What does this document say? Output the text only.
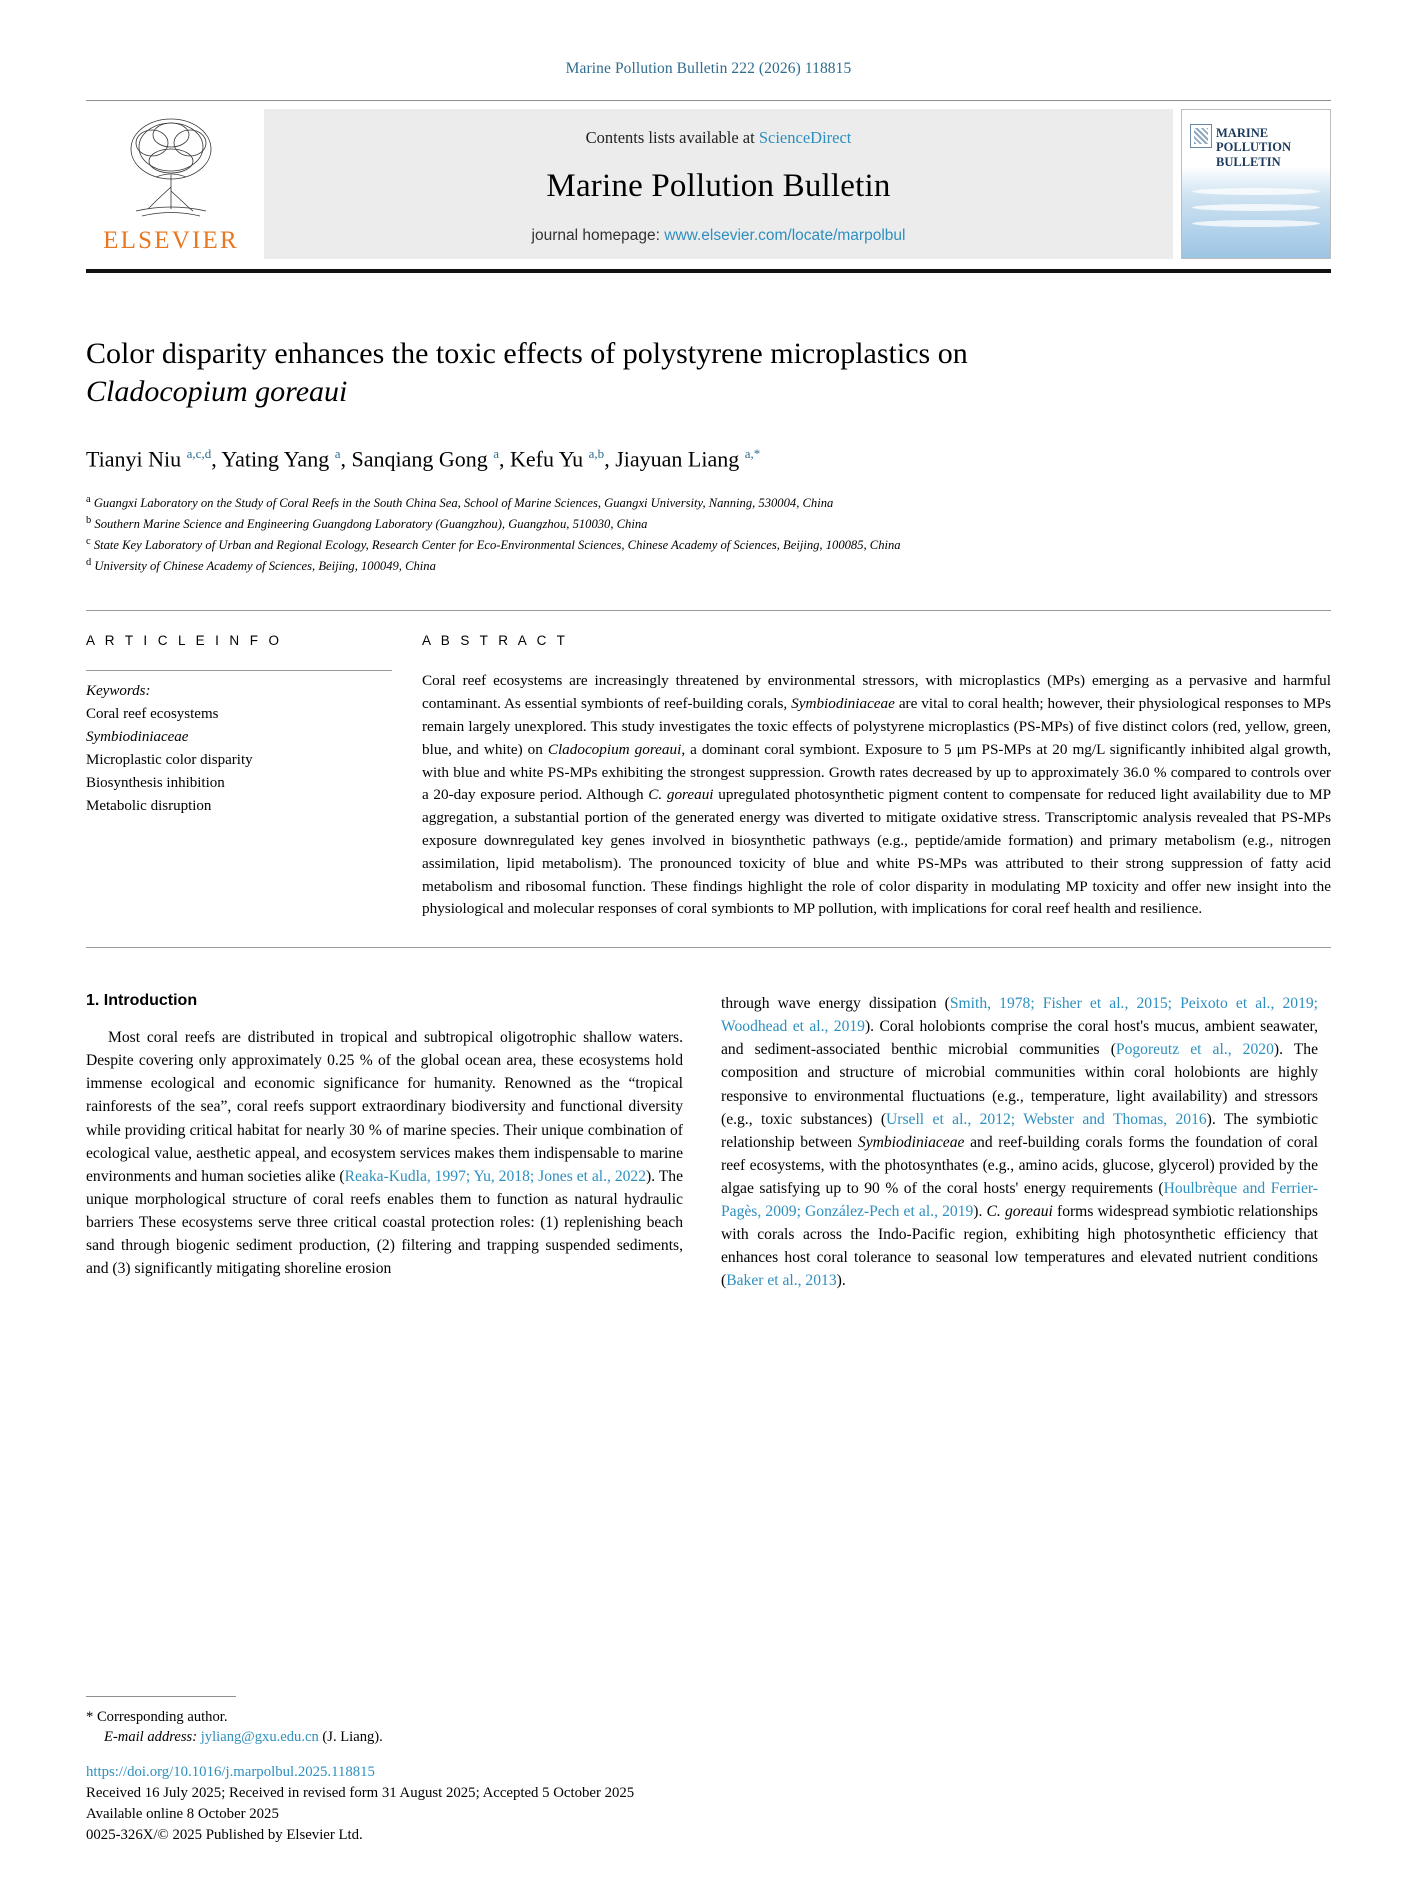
Marine Pollution Bulletin 222 (2026) 118815
ELSEVIER
Contents lists available at ScienceDirect
Marine Pollution Bulletin
journal homepage: www.elsevier.com/locate/marpolbul
MARINE
POLLUTION
BULLETIN
Color disparity enhances the toxic effects of polystyrene microplastics on
Cladocopium goreaui
Tianyi Niu $^{a,c,d}$, Yating Yang $^a$, Sanqiang Gong $^a$, Kefu Yu $^{a,b}$, Jiayuan Liang $^{a,*}$
$^a$ Guangxi Laboratory on the Study of Coral Reefs in the South China Sea, School of Marine Sciences, Guangxi University, Nanning, 530004, China
$^b$ Southern Marine Science and Engineering Guangdong Laboratory (Guangzhou), Guangzhou, 510030, China
$^c$ State Key Laboratory of Urban and Regional Ecology, Research Center for Eco-Environmental Sciences, Chinese Academy of Sciences, Beijing, 100085, China
$^d$ University of Chinese Academy of Sciences, Beijing, 100049, China
A R T I C L E I N F O
Keywords:
Coral reef ecosystems
Symbiodiniaceae
Microplastic color disparity
Biosynthesis inhibition
Metabolic disruption
A B S T R A C T
Coral reef ecosystems are increasingly threatened by environmental stressors, with microplastics (MPs) emerging as a pervasive and harmful contaminant. As essential symbionts of reef-building corals, Symbiodiniaceae are vital to coral health; however, their physiological responses to MPs remain largely unexplored. This study investigates the toxic effects of polystyrene microplastics (PS-MPs) of five distinct colors (red, yellow, green, blue, and white) on Cladocopium goreaui, a dominant coral symbiont. Exposure to 5 μm PS-MPs at 20 mg/L significantly inhibited algal growth, with blue and white PS-MPs exhibiting the strongest suppression. Growth rates decreased by up to approximately 36.0 % compared to controls over a 20-day exposure period. Although C. goreaui upregulated photosynthetic pigment content to compensate for reduced light availability due to MP aggregation, a substantial portion of the generated energy was diverted to mitigate oxidative stress. Transcriptomic analysis revealed that PS-MPs exposure downregulated key genes involved in biosynthetic pathways (e.g., peptide/amide formation) and primary metabolism (e.g., nitrogen assimilation, lipid metabolism). The pronounced toxicity of blue and white PS-MPs was attributed to their strong suppression of fatty acid metabolism and ribosomal function. These findings highlight the role of color disparity in modulating MP toxicity and offer new insight into the physiological and molecular responses of coral symbionts to MP pollution, with implications for coral reef health and resilience.
1. Introduction

Most coral reefs are distributed in tropical and subtropical oligotrophic shallow waters. Despite covering only approximately 0.25 % of the global ocean area, these ecosystems hold immense ecological and economic significance for humanity. Renowned as the “tropical rainforests of the sea”, coral reefs support extraordinary biodiversity and functional diversity while providing critical habitat for nearly 30 % of marine species. Their unique combination of ecological value, aesthetic appeal, and ecosystem services makes them indispensable to marine environments and human societies alike (Reaka-Kudla, 1997; Yu, 2018; Jones et al., 2022). The unique morphological structure of coral reefs enables them to function as natural hydraulic barriers These ecosystems serve three critical coastal protection roles: (1) replenishing beach sand through biogenic sediment production, (2) filtering and trapping suspended sediments, and (3) significantly mitigating shoreline erosion

through wave energy dissipation (Smith, 1978; Fisher et al., 2015; Peixoto et al., 2019; Woodhead et al., 2019). Coral holobionts comprise the coral host's mucus, ambient seawater, and sediment-associated benthic microbial communities (Pogoreutz et al., 2020). The composition and structure of microbial communities within coral holobionts are highly responsive to environmental fluctuations (e.g., temperature, light availability) and stressors (e.g., toxic substances) (Ursell et al., 2012; Webster and Thomas, 2016). The symbiotic relationship between Symbiodiniaceae and reef-building corals forms the foundation of coral reef ecosystems, with the photosynthates (e.g., amino acids, glucose, glycerol) provided by the algae satisfying up to 90 % of the coral hosts' energy requirements (Houlbrèque and Ferrier-Pagès, 2009; González-Pech et al., 2019). C. goreaui forms widespread symbiotic relationships with corals across the Indo-Pacific region, exhibiting high photosynthetic efficiency that enhances host coral tolerance to seasonal low temperatures and elevated nutrient conditions (Baker et al., 2013).

* Corresponding author.
E-mail address: jyliang@gxu.edu.cn (J. Liang).
https://doi.org/10.1016/j.marpolbul.2025.118815
Received 16 July 2025; Received in revised form 31 August 2025; Accepted 5 October 2025
Available online 8 October 2025
0025-326X/© 2025 Published by Elsevier Ltd.
